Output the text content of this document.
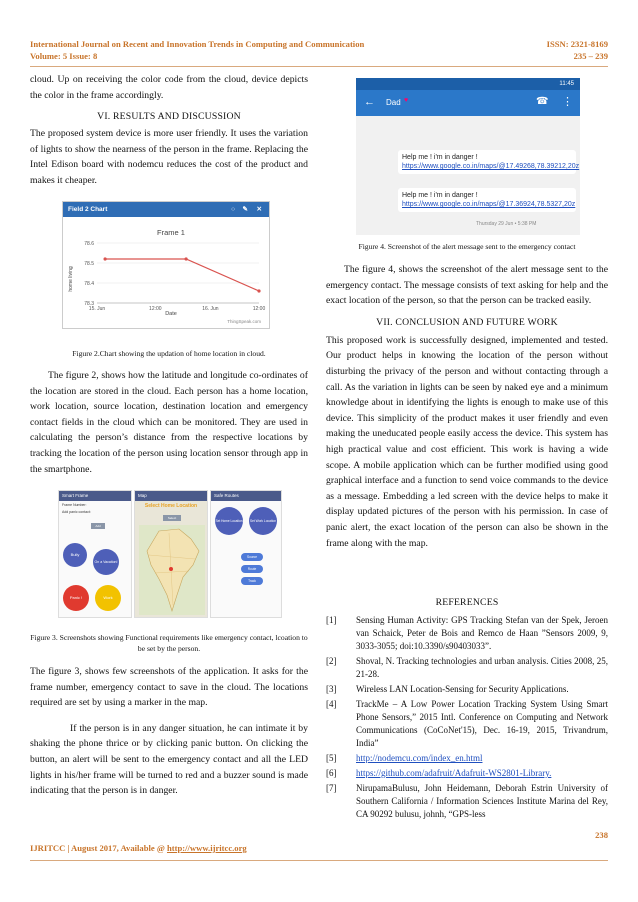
International Journal on Recent and Innovation Trends in Computing and Communication	ISSN: 2321-8169
Volume: 5 Issue: 8	235 – 239

cloud. Up on receiving the color code from the cloud, device depicts the color in the frame accordingly.

VI. RESULTS AND DISCUSSION

The proposed system device is more user friendly. It uses the variation of lights to show the nearness of the person in the frame. Replacing the Intel Edison board with nodemcu reduces the cost of the product and makes it cheaper.

Field 2 Chart	○ ✎ ✕
Frame 1
home living
Date
ThingSpeak.com
78.6
78.5
78.4
78.3
15. Jun	12:00	16. Jun	12:00
Figure 2.Chart showing the updation of home location in cloud.

The figure 2, shows how the latitude and longitude co-ordinates of the location are stored in the cloud. Each person has a home location, work location, source location, destination location and emergency contact fields in the cloud which can be monitored. They are used in calculating the person’s distance from the respective locations by tracking the location of the person using location sensor through app in the smartphone.

Smart Frame
Frame Number:
Add panic contact:
Add
Bully
On a Vacation!
Panic !	Work
Map
Select Home Location
Select
Safe Routes
Set Home Location	Set Work Location
Source
Route
Track
Figure 3. Screenshots showing Functional requirements like emergency contact, lcoation to be set by the person.

The figure 3, shows few screenshots of the application. It asks for the frame number, emergency contact to save in the cloud. The locations required are set by using a marker in the map.

If the person is in any danger situation, he can intimate it by shaking the phone thrice or by clicking panic button. On clicking the button, an alert will be sent to the emergency contact and all the LED lights in his/her frame will be turned to red and a buzzer sound is made indicating that the person is in danger.

11:45
← Dad ♥	☎ ⋮
Help me ! i'm in danger ! https://www.google.co.in/maps/@17.49268,78.39212,20z
Help me ! i'm in danger ! https://www.google.co.in/maps/@17.36924,78.5327,20z
Thursday 29 Jun • 5:38 PM
Figure 4. Screenshot of the alert message sent to the emergency contact

The figure 4, shows the screenshot of the alert message sent to the emergency contact. The message consists of text asking for help and the exact location of the person, so that the person can be tracked easily.

VII. CONCLUSION AND FUTURE WORK

This proposed work is successfully designed, implemented and tested. Our product helps in knowing the location of the person without disturbing the privacy of the person and without contacting through a call. As the variation in lights can be seen by naked eye and a minimum knowledge about in identifying the lights is enough to make use of this device. This simplicity of the product makes it user friendly and even making the uneducated people easily access the device. This system has high practical value and cost efficient. This work is having a wide scope. A mobile application which can be further modified using good graphical interface and a function to send voice commands to the device as a message. Embedding a led screen with the device helps to make it display updated pictures of the person with his permission. In case of panic alert, the exact location of the person can also be shown in the frame along with the map.

REFERENCES
[1]	Sensing Human Activity: GPS Tracking Stefan van der Spek, Jeroen van Schaick, Peter de Bois and Remco de Haan ”Sensors 2009, 9, 3033-3055; doi:10.3390/s90403033”.
[2]	Shoval, N. Tracking technologies and urban analysis. Cities 2008, 25, 21-28.
[3]	Wireless LAN Location-Sensing for Security Applications.
[4]	TrackMe – A Low Power Location Tracking System Using Smart Phone Sensors,” 2015 Intl. Conference on Computing and Network Communications (CoCoNet'15), Dec. 16-19, 2015, Trivandrum, India”
[5]	http://nodemcu.com/index_en.html
[6]	https://github.com/adafruit/Adafruit-WS2801-Library.
[7]	NirupamaBulusu, John Heidemann, Deborah Estrin University of Southern California / Information Sciences Institute Marina del Rey, CA 90292 bulusu, johnh, “GPS-less
238
IJRITCC | August 2017, Available @ http://www.ijritcc.org
